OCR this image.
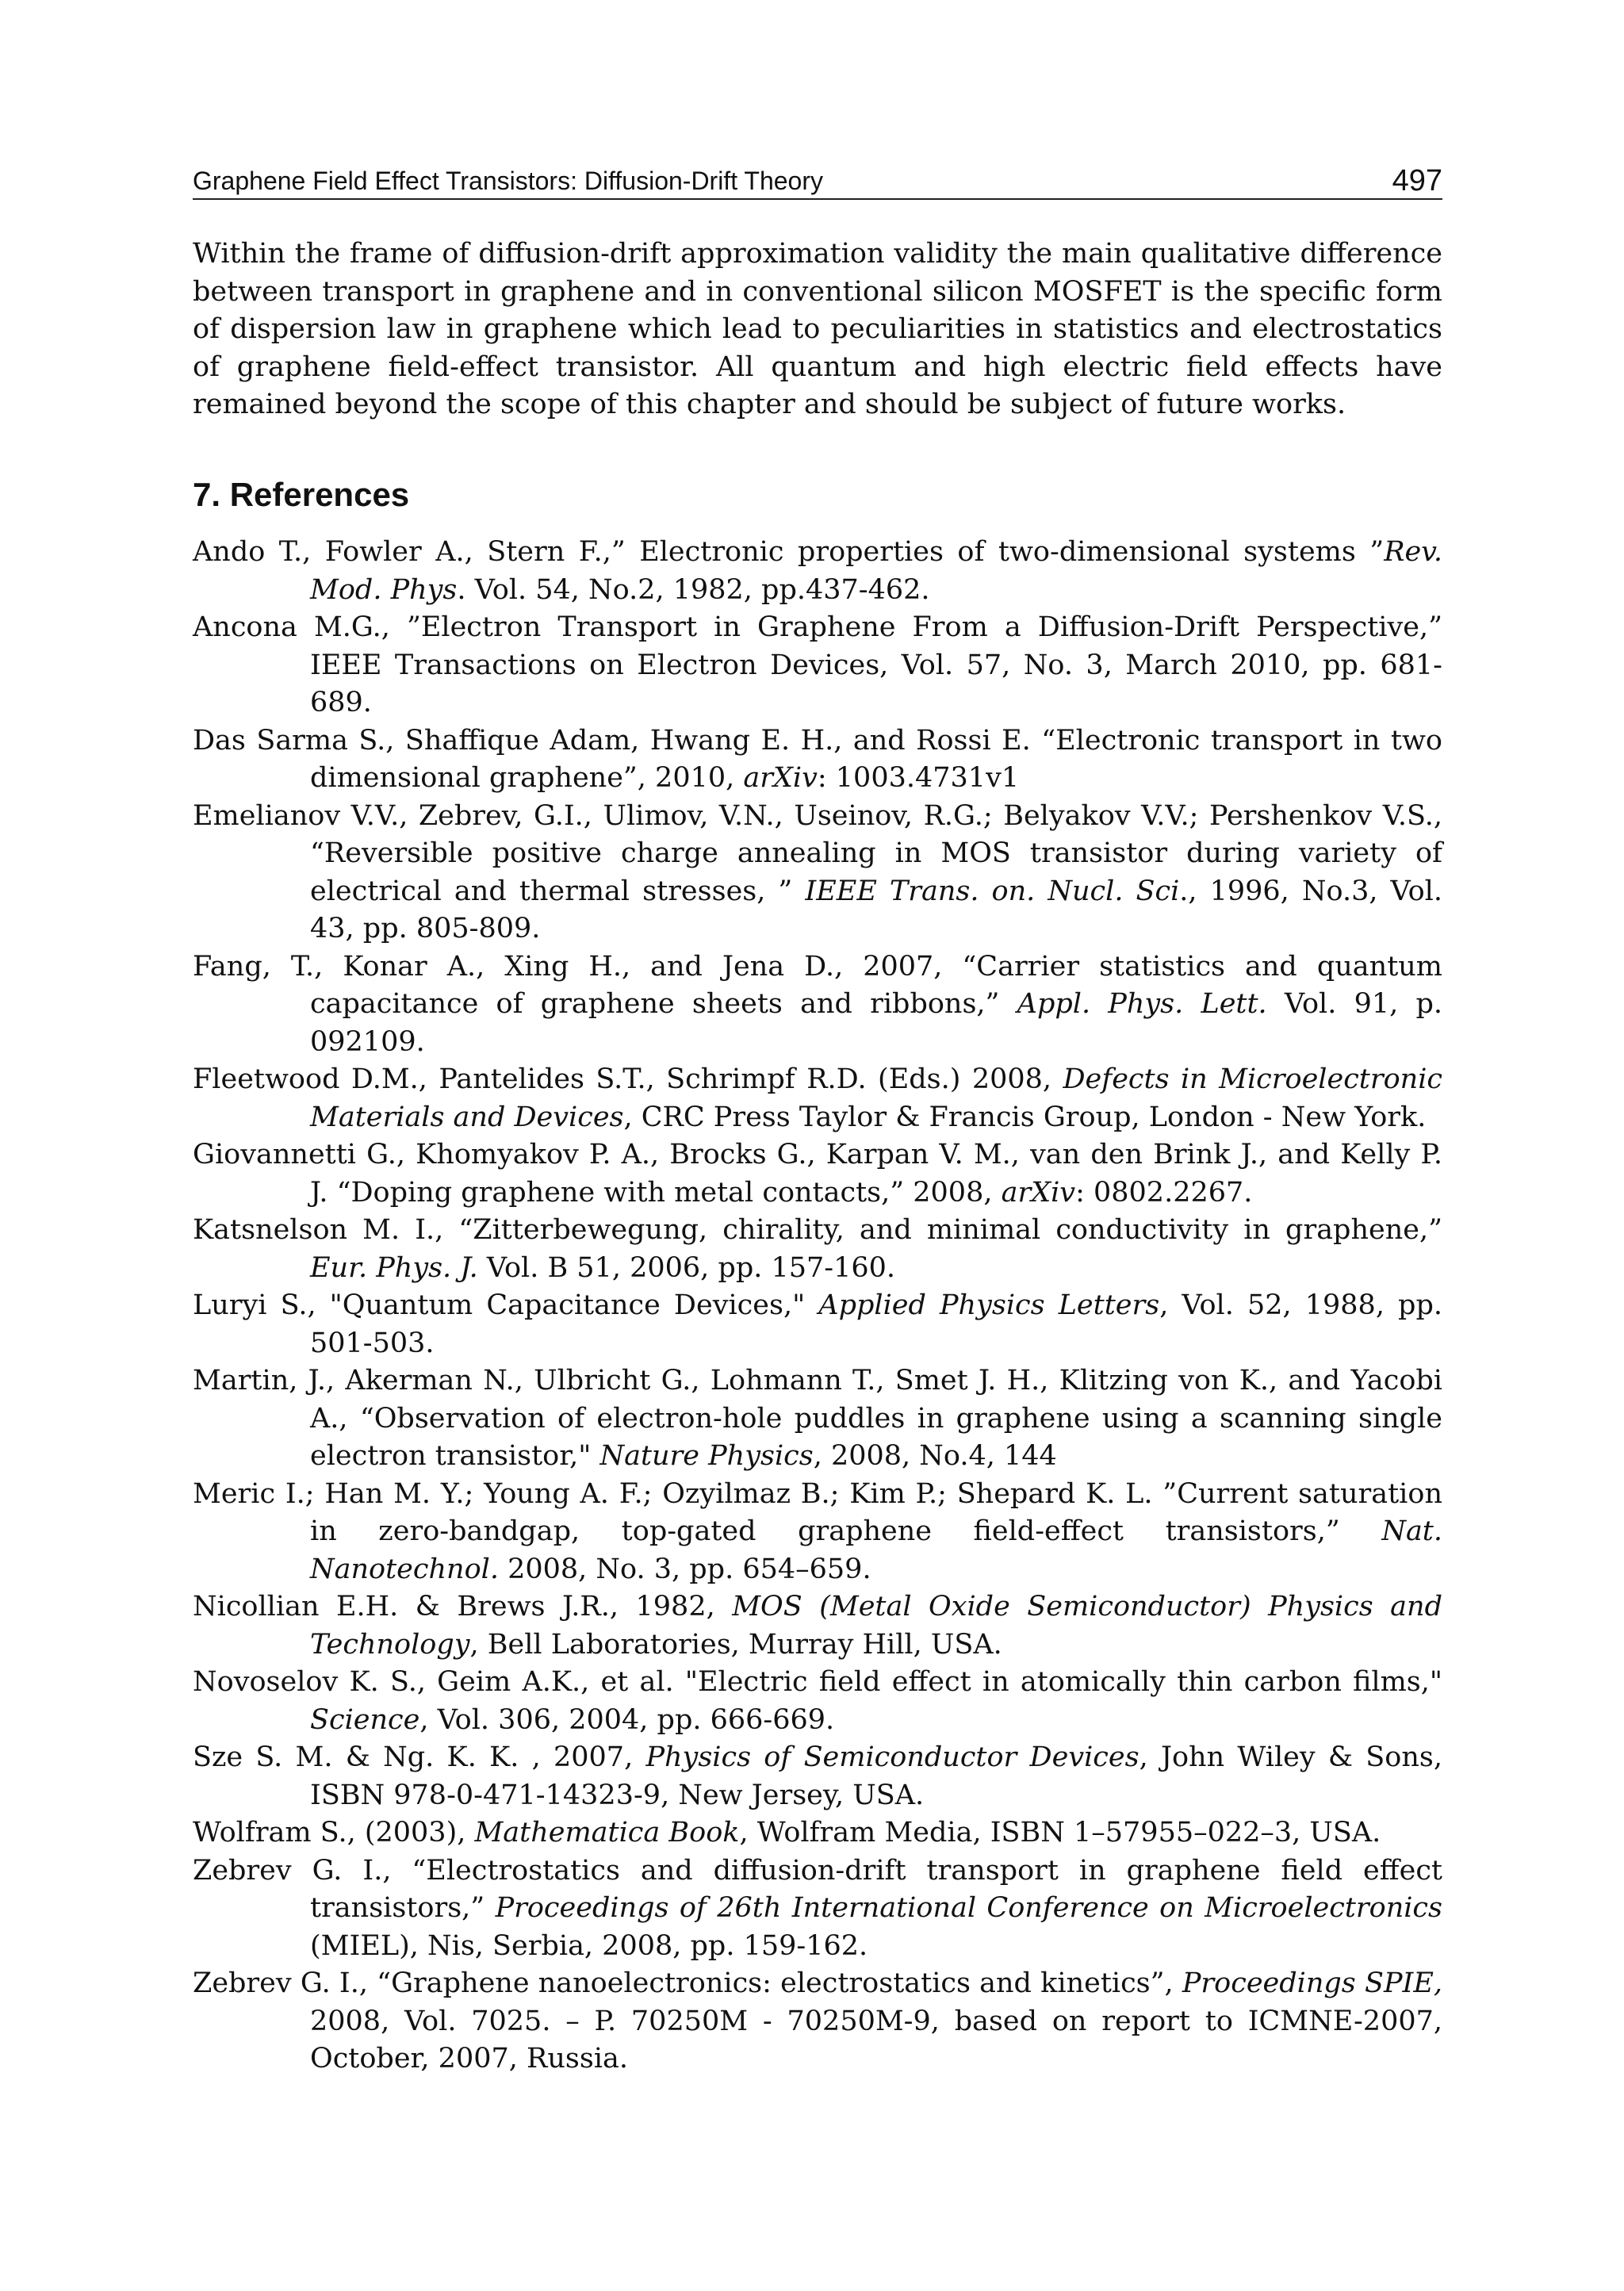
Graphene Field Effect Transistors: Diffusion-Drift Theory	497

Within the frame of diffusion-drift approximation validity the main qualitative difference between transport in graphene and in conventional silicon MOSFET is the specific form of dispersion law in graphene which lead to peculiarities in statistics and electrostatics of graphene field-effect transistor. All quantum and high electric field effects have remained beyond the scope of this chapter and should be subject of future works.

7. References
Ando T., Fowler A., Stern F.,” Electronic properties of two-dimensional systems ”Rev. Mod. Phys. Vol. 54, No.2, 1982, pp.437-462.
Ancona M.G., ”Electron Transport in Graphene From a Diffusion-Drift Perspective,” IEEE Transactions on Electron Devices, Vol. 57, No. 3, March 2010, pp. 681-689.
Das Sarma S., Shaffique Adam, Hwang E. H., and Rossi E. “Electronic transport in two dimensional graphene”, 2010, arXiv: 1003.4731v1
Emelianov V.V., Zebrev, G.I., Ulimov, V.N., Useinov, R.G.; Belyakov V.V.; Pershenkov V.S., “Reversible positive charge annealing in MOS transistor during variety of electrical and thermal stresses, ” IEEE Trans. on. Nucl. Sci., 1996, No.3, Vol. 43, pp. 805-809.
Fang, T., Konar A., Xing H., and Jena D., 2007, “Carrier statistics and quantum capacitance of graphene sheets and ribbons,” Appl. Phys. Lett. Vol. 91, p. 092109.
Fleetwood D.M., Pantelides S.T., Schrimpf R.D. (Eds.) 2008, Defects in Microelectronic Materials and Devices, CRC Press Taylor & Francis Group, London - New York.
Giovannetti G., Khomyakov P. A., Brocks G., Karpan V. M., van den Brink J., and Kelly P. J. “Doping graphene with metal contacts,” 2008, arXiv: 0802.2267.
Katsnelson M. I., “Zitterbewegung, chirality, and minimal conductivity in graphene,” Eur. Phys. J. Vol. B 51, 2006, pp. 157-160.
Luryi S., "Quantum Capacitance Devices," Applied Physics Letters, Vol. 52, 1988, pp. 501-503.
Martin, J., Akerman N., Ulbricht G., Lohmann T., Smet J. H., Klitzing von K., and Yacobi A., “Observation of electron-hole puddles in graphene using a scanning single electron transistor," Nature Physics, 2008, No.4, 144
Meric I.; Han M. Y.; Young A. F.; Ozyilmaz B.; Kim P.; Shepard K. L. ”Current saturation in zero-bandgap, top-gated graphene field-effect transistors,” Nat. Nanotechnol. 2008, No. 3, pp. 654–659.
Nicollian E.H. & Brews J.R., 1982, MOS (Metal Oxide Semiconductor) Physics and Technology, Bell Laboratories, Murray Hill, USA.
Novoselov K. S., Geim A.K., et al. "Electric field effect in atomically thin carbon films," Science, Vol. 306, 2004, pp. 666-669.
Sze S. M. & Ng. K. K. , 2007, Physics of Semiconductor Devices, John Wiley & Sons, ISBN 978-0-471-14323-9, New Jersey, USA.
Wolfram S., (2003), Mathematica Book, Wolfram Media, ISBN 1–57955–022–3, USA.
Zebrev G. I., “Electrostatics and diffusion-drift transport in graphene field effect transistors,” Proceedings of 26th International Conference on Microelectronics (MIEL), Nis, Serbia, 2008, pp. 159-162.
Zebrev G. I., “Graphene nanoelectronics: electrostatics and kinetics”, Proceedings SPIE, 2008, Vol. 7025. – P. 70250M - 70250M-9, based on report to ICMNE-2007, October, 2007, Russia.
